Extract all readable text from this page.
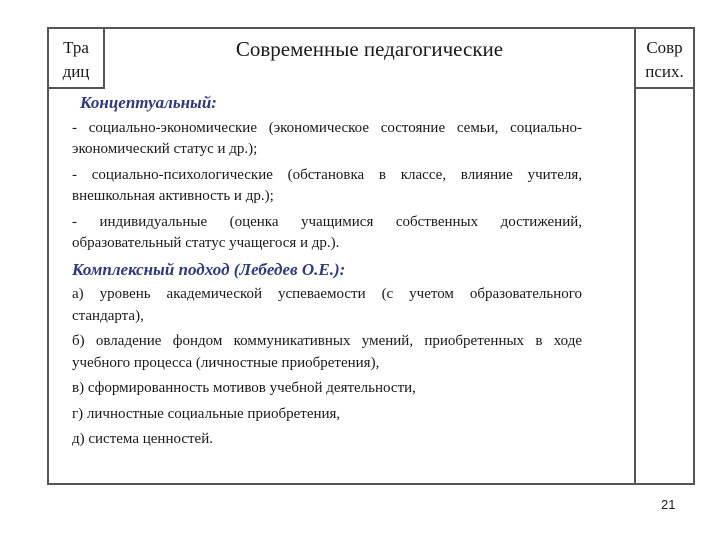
Тра
диц
Современные педагогические	Совр
псих.
Концептуальный:

- социально-экономические (экономическое состояние семьи, социально-экономический статус и др.);

- социально-психологические (обстановка в классе, влияние учителя, внешкольная активность и др.);

- индивидуальные (оценка учащимися собственных достижений, образовательный статус учащегося и др.).

Комплексный подход (Лебедев О.Е.):

а) уровень академической успеваемости (с учетом образовательного стандарта),

б) овладение фондом коммуникативных умений, приобретенных в ходе учебного процесса (личностные приобретения),

в) сформированность мотивов учебной деятельности,

г) личностные социальные приобретения,

д) система ценностей.

21
